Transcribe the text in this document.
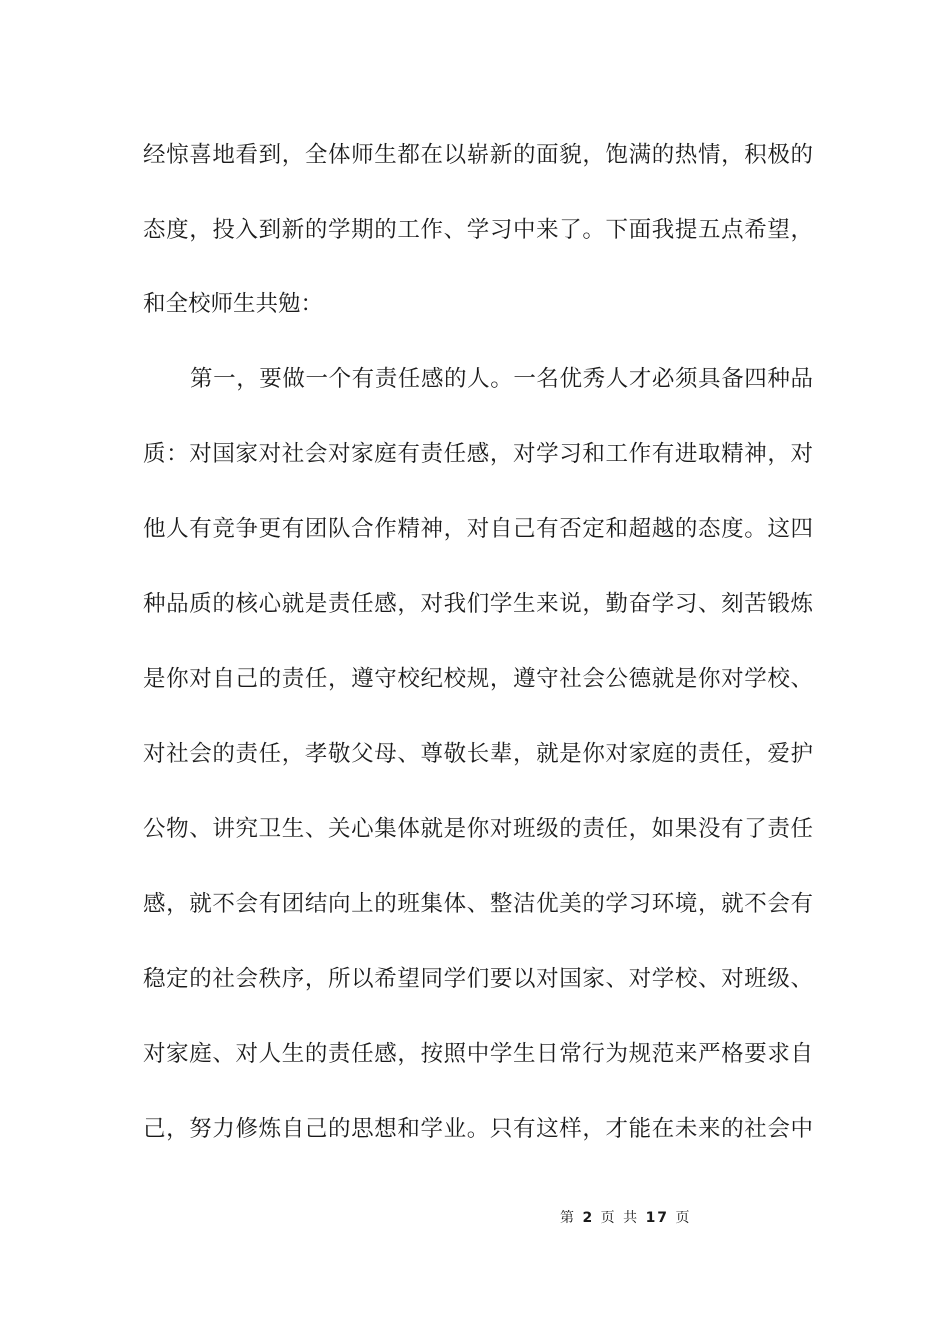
经惊喜地看到，全体师生都在以崭新的面貌，饱满的热情，积极的
态度，投入到新的学期的工作、学习中来了。下面我提五点希望，
和全校师生共勉：
第一，要做一个有责任感的人。一名优秀人才必须具备四种品
质：对国家对社会对家庭有责任感，对学习和工作有进取精神，对
他人有竞争更有团队合作精神，对自己有否定和超越的态度。这四
种品质的核心就是责任感，对我们学生来说，勤奋学习、刻苦锻炼
是你对自己的责任，遵守校纪校规，遵守社会公德就是你对学校、
对社会的责任，孝敬父母、尊敬长辈，就是你对家庭的责任，爱护
公物、讲究卫生、关心集体就是你对班级的责任，如果没有了责任
感，就不会有团结向上的班集体、整洁优美的学习环境，就不会有
稳定的社会秩序，所以希望同学们要以对国家、对学校、对班级、
对家庭、对人生的责任感，按照中学生日常行为规范来严格要求自
己，努力修炼自己的思想和学业。只有这样，才能在未来的社会中
第 2 页 共 17 页
